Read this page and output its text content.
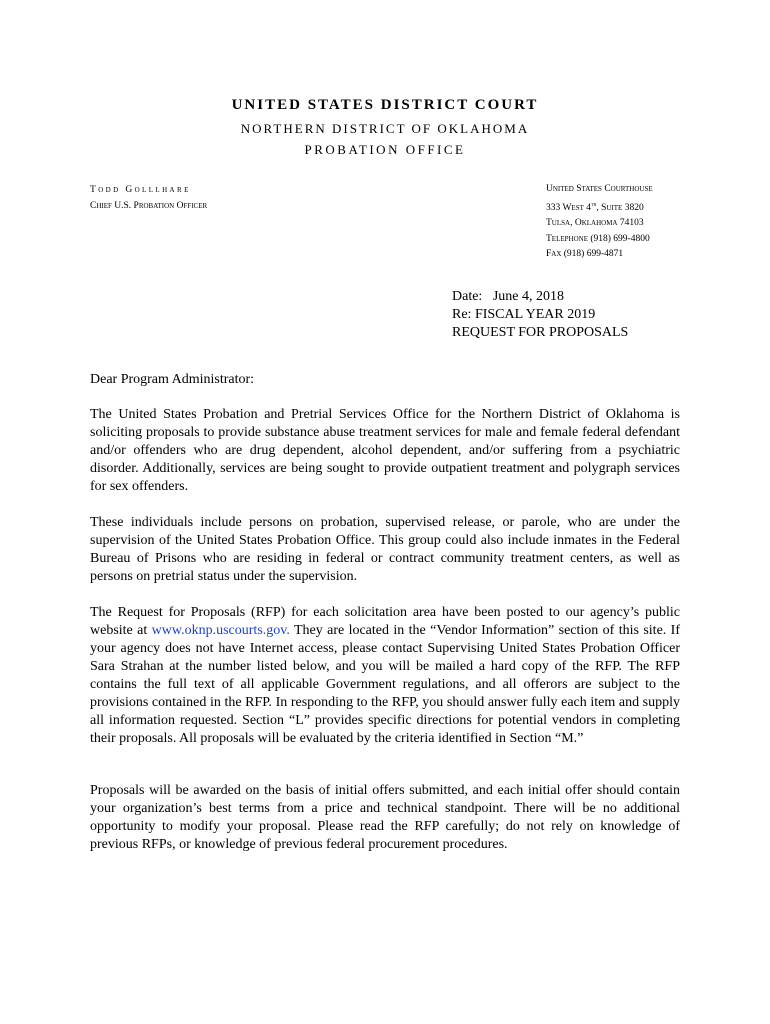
UNITED STATES DISTRICT COURT
NORTHERN DISTRICT OF OKLAHOMA
PROBATION OFFICE
Todd Golllhare
Chief U.S. Probation Officer
United States Courthouse
333 West 4th, Suite 3820
Tulsa, Oklahoma 74103
Telephone (918) 699-4800
Fax (918) 699-4871
Date:   June 4, 2018
Re: FISCAL YEAR 2019
REQUEST FOR PROPOSALS
Dear Program Administrator:
The United States Probation and Pretrial Services Office for the Northern District of Oklahoma is soliciting proposals to provide substance abuse treatment services for male and female federal defendant and/or offenders who are drug dependent, alcohol dependent, and/or suffering from a psychiatric disorder. Additionally, services are being sought to provide outpatient treatment and polygraph services for sex offenders.
These individuals include persons on probation, supervised release, or parole, who are under the supervision of the United States Probation Office. This group could also include inmates in the Federal Bureau of Prisons who are residing in federal or contract community treatment centers, as well as persons on pretrial status under the supervision.
The Request for Proposals (RFP) for each solicitation area have been posted to our agency’s public website at www.oknp.uscourts.gov. They are located in the “Vendor Information” section of this site. If your agency does not have Internet access, please contact Supervising United States Probation Officer Sara Strahan at the number listed below, and you will be mailed a hard copy of the RFP. The RFP contains the full text of all applicable Government regulations, and all offerors are subject to the provisions contained in the RFP. In responding to the RFP, you should answer fully each item and supply all information requested. Section “L” provides specific directions for potential vendors in completing their proposals. All proposals will be evaluated by the criteria identified in Section “M.”
Proposals will be awarded on the basis of initial offers submitted, and each initial offer should contain your organization’s best terms from a price and technical standpoint. There will be no additional opportunity to modify your proposal. Please read the RFP carefully; do not rely on knowledge of previous RFPs, or knowledge of previous federal procurement procedures.
